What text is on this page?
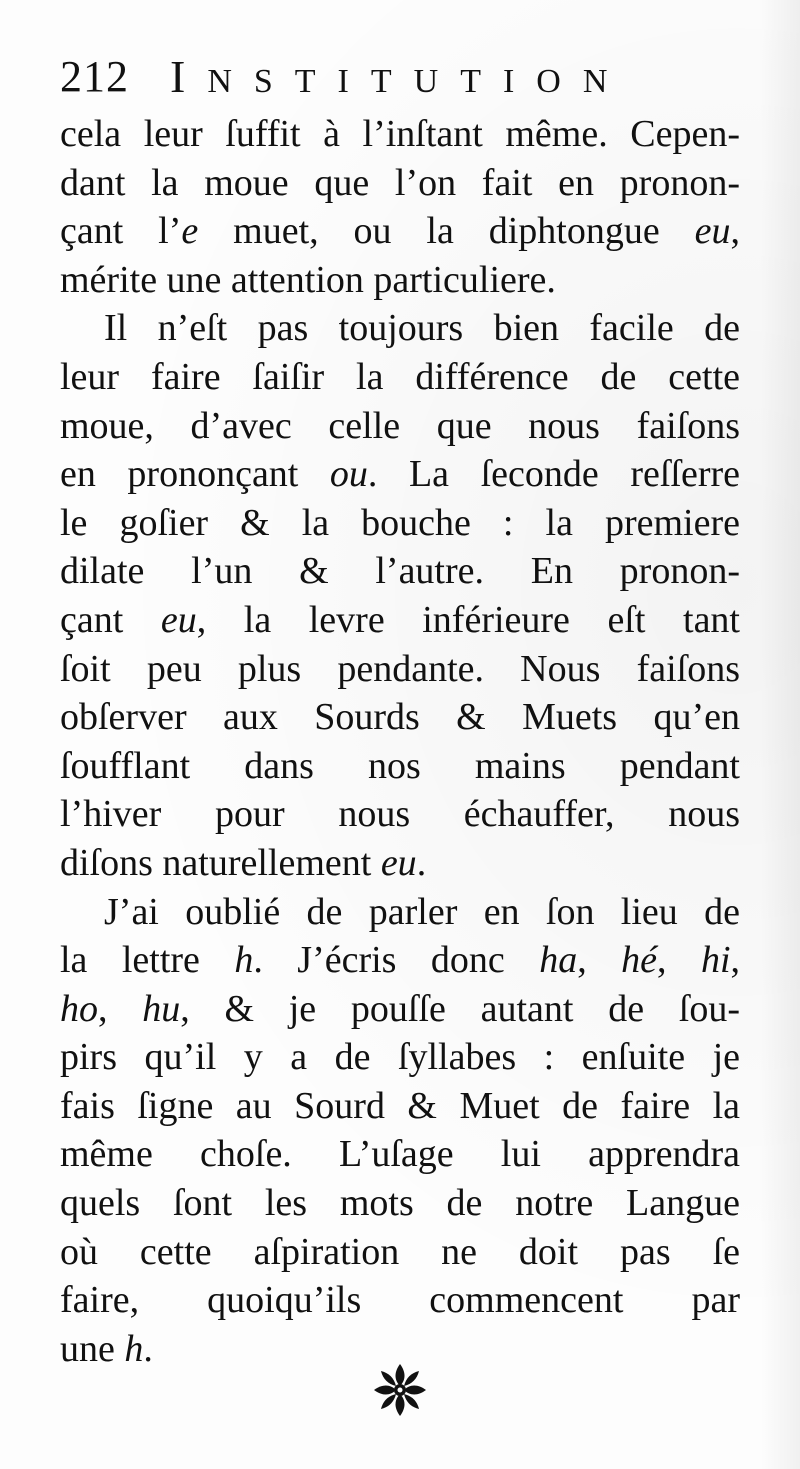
212 INSTITUTION
cela leur ſuffit à l’inſtant même. Cepen-
dant la moue que l’on fait en pronon-
çant l’e muet, ou la diphtongue eu,
mérite une attention particuliere.
Il n’eſt pas toujours bien facile de
leur faire ſaiſir la différence de cette
moue, d’avec celle que nous faiſons
en prononçant ou. La ſeconde reſſerre
le goſier & la bouche : la premiere
dilate l’un & l’autre. En pronon-
çant eu, la levre inférieure eſt tant
ſoit peu plus pendante. Nous faiſons
obſerver aux Sourds & Muets qu’en
ſoufflant dans nos mains pendant
l’hiver pour nous échauffer, nous
diſons naturellement eu.
J’ai oublié de parler en ſon lieu de
la lettre h. J’écris donc ha, hé, hi,
ho, hu, & je pouſſe autant de ſou-
pirs qu’il y a de ſyllabes : enſuite je
fais ſigne au Sourd & Muet de faire la
même choſe. L’uſage lui apprendra
quels ſont les mots de notre Langue
où cette aſpiration ne doit pas ſe
faire, quoiqu’ils commencent par
une h.
